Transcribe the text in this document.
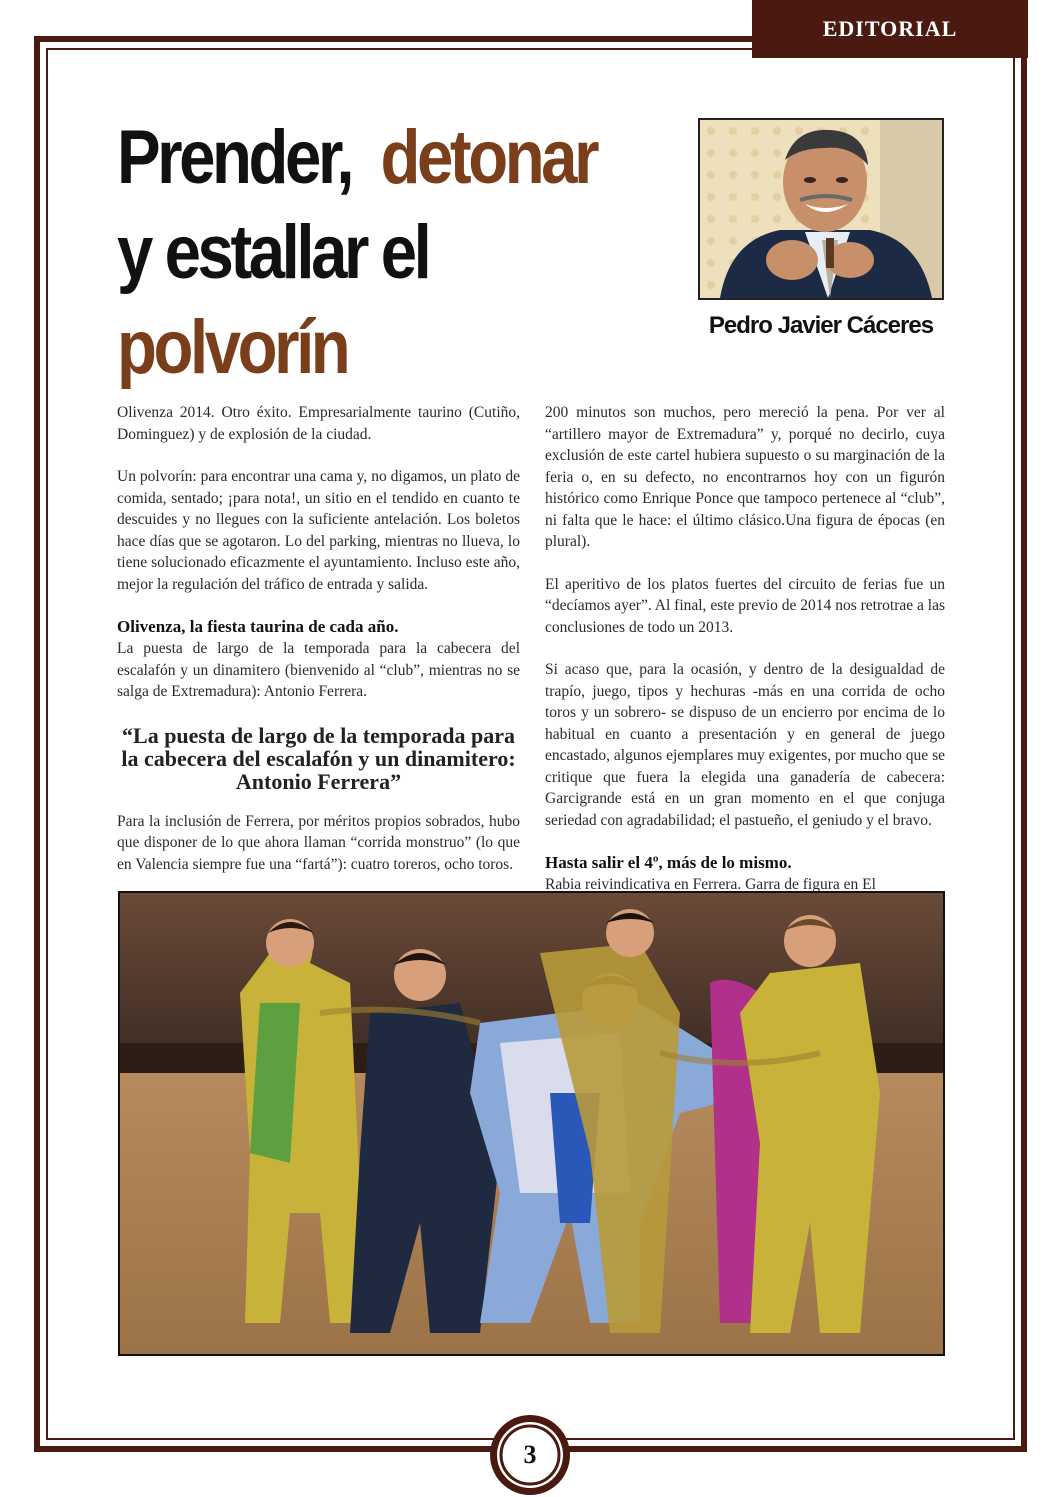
EDITORIAL
Prender, detonar
y estallar el
polvorín	Pedro Javier Cáceres

Olivenza 2014. Otro éxito. Empresarialmente taurino (Cutiño, Dominguez) y de explosión de la ciudad.

Un polvorín: para encontrar una cama y, no digamos, un plato de comida, sentado; ¡para nota!, un sitio en el tendido en cuanto te descuides y no llegues con la suficiente antelación. Los boletos hace días que se agotaron. Lo del parking, mientras no llueva, lo tiene solucionado eficazmente el ayuntamiento. Incluso este año, mejor la regulación del tráfico de entrada y salida.

Olivenza, la fiesta taurina de cada año.

La puesta de largo de la temporada para la cabecera del escalafón y un dinamitero (bienvenido al “club”, mientras no se salga de Extremadura): Antonio Ferrera.

“La puesta de largo de la temporada para la cabecera del escalafón y un dinamitero: Antonio Ferrera”

Para la inclusión de Ferrera, por méritos propios sobrados, hubo que disponer de lo que ahora llaman “corrida monstruo” (lo que en Valencia siempre fue una “fartá”): cuatro toreros, ocho toros.

200 minutos son muchos, pero mereció la pena. Por ver al “artillero mayor de Extremadura” y, porqué no decirlo, cuya exclusión de este cartel hubiera supuesto o su marginación de la feria o, en su defecto, no encontrarnos hoy con un figurón histórico como Enrique Ponce que tampoco pertenece al “club”, ni falta que le hace: el último clásico.Una figura de épocas (en plural).

El aperitivo de los platos fuertes del circuito de ferias fue un “decíamos ayer”. Al final, este previo de 2014 nos retrotrae a las conclusiones de todo un 2013.

Si acaso que, para la ocasión, y dentro de la desigualdad de trapío, juego, tipos y hechuras -más en una corrida de ocho toros y un sobrero- se dispuso de un encierro por encima de lo habitual en cuanto a presentación y en general de juego encastado, algunos ejemplares muy exigentes, por mucho que se critique que fuera la elegida una ganadería de cabecera: Garcigrande está en un gran momento en el que conjuga seriedad con agradabilidad; el pastueño, el geniudo y el bravo.

Hasta salir el 4º, más de lo mismo.

Rabia reivindicativa en Ferrera. Garra de figura en El

3
